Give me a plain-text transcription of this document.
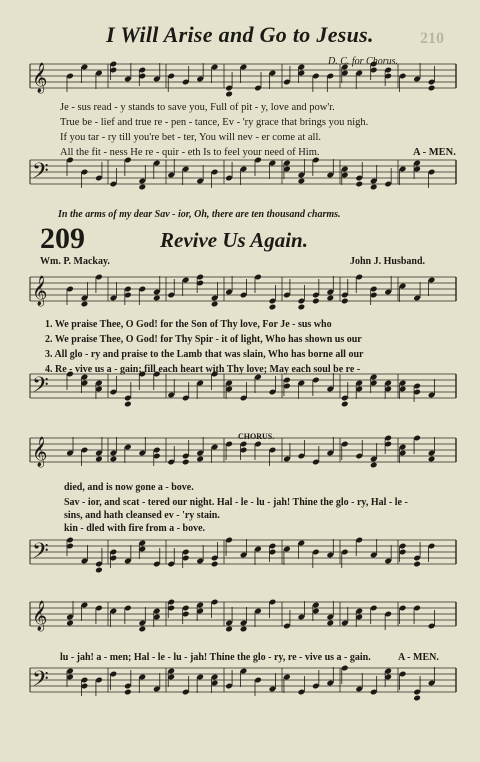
𝄞
𝄢
𝄞
𝄢
𝄞
𝄢
𝄞
𝄢
210
I Will Arise and Go to Jesus.
D. C. for Chorus.
Je - sus read - y stands to save you, Full of pit - y, love and pow'r.
True be - lief and true re - pen - tance, Ev - 'ry grace that brings you nigh.
If you tar - ry till you're bet - ter, You will nev - er come at all.
All the fit - ness He re - quir - eth Is to feel your need of Him.	A - MEN.
In the arms of my dear Sav - ior, Oh, there are ten thousand charms.
209	Revive Us Again.
Wm. P. Mackay.	John J. Husband.
1. We praise Thee, O God! for the Son of Thy love, For Je - sus who
2. We praise Thee, O God! for Thy Spir - it of light, Who has shown us our
3. All glo - ry and praise to the Lamb that was slain, Who has borne all our
4. Re - vive us a - gain; fill each heart with Thy love; May each soul be re -
CHORUS.
died, and is now gone a - bove.
Sav - ior, and scat - tered our night. Hal - le - lu - jah! Thine the glo - ry, Hal - le -
sins, and hath cleansed ev - 'ry stain.
kin - dled with fire from a - bove.
lu - jah! a - men; Hal - le - lu - jah! Thine the glo - ry, re - vive us a - gain.	A - MEN.
